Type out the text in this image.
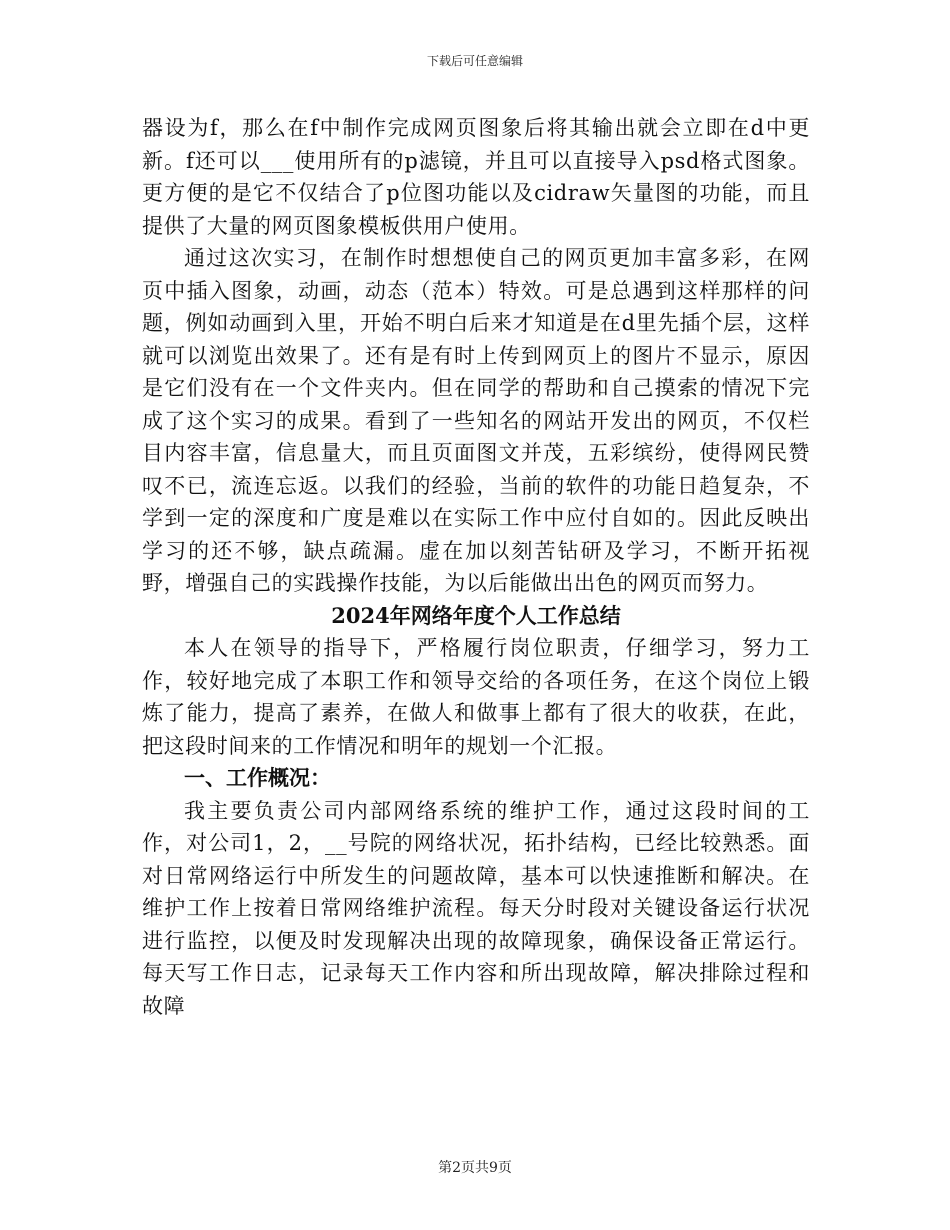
下载后可任意编辑

器设为f，那么在f中制作完成网页图象后将其输出就会立即在d中更新。f还可以___使用所有的p滤镜，并且可以直接导入psd格式图象。更方便的是它不仅结合了p位图功能以及cidraw矢量图的功能，而且提供了大量的网页图象模板供用户使用。

通过这次实习，在制作时想想使自己的网页更加丰富多彩，在网页中插入图象，动画，动态（范本）特效。可是总遇到这样那样的问题，例如动画到入里，开始不明白后来才知道是在d里先插个层，这样就可以浏览出效果了。还有是有时上传到网页上的图片不显示，原因是它们没有在一个文件夹内。但在同学的帮助和自己摸索的情况下完成了这个实习的成果。看到了一些知名的网站开发出的网页，不仅栏目内容丰富，信息量大，而且页面图文并茂，五彩缤纷，使得网民赞叹不已，流连忘返。以我们的经验，当前的软件的功能日趋复杂，不学到一定的深度和广度是难以在实际工作中应付自如的。因此反映出学习的还不够，缺点疏漏。虚在加以刻苦钻研及学习，不断开拓视野，增强自己的实践操作技能，为以后能做出出色的网页而努力。

2024年网络年度个人工作总结

本人在领导的指导下，严格履行岗位职责，仔细学习，努力工作，较好地完成了本职工作和领导交给的各项任务，在这个岗位上锻炼了能力，提高了素养，在做人和做事上都有了很大的收获，在此，把这段时间来的工作情况和明年的规划一个汇报。

一、工作概况：

我主要负责公司内部网络系统的维护工作，通过这段时间的工作，对公司1，2，__号院的网络状况，拓扑结构，已经比较熟悉。面对日常网络运行中所发生的问题故障，基本可以快速推断和解决。在维护工作上按着日常网络维护流程。每天分时段对关键设备运行状况进行监控，以便及时发现解决出现的故障现象，确保设备正常运行。每天写工作日志，记录每天工作内容和所出现故障，解决排除过程和故障

第2页共9页
